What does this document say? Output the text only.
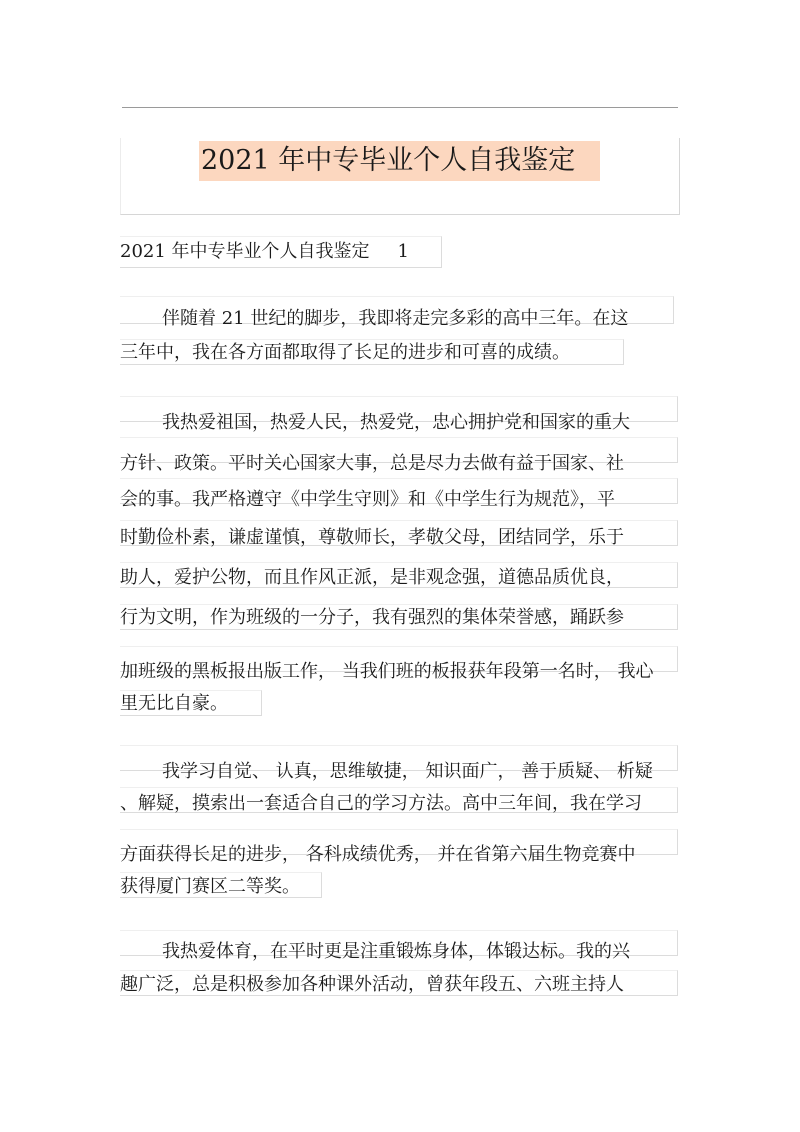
2021 年中专毕业个人自我鉴定
2021 年中专毕业个人自我鉴定 1
伴随着 21 世纪的脚步，我即将走完多彩的高中三年。在这
三年中，我在各方面都取得了长足的进步和可喜的成绩。
我热爱祖国，热爱人民，热爱党，忠心拥护党和国家的重大
方针、政策。平时关心国家大事，总是尽力去做有益于国家、社
会的事。我严格遵守《中学生守则》和《中学生行为规范》，平
时勤俭朴素，谦虚谨慎，尊敬师长，孝敬父母，团结同学，乐于
助人，爱护公物，而且作风正派，是非观念强，道德品质优良，
行为文明，作为班级的一分子，我有强烈的集体荣誉感，踊跃参
加班级的黑板报出版工作， 当我们班的板报获年段第一名时， 我心
里无比自豪。
我学习自觉、 认真，思维敏捷， 知识面广， 善于质疑、 析疑
、解疑，摸索出一套适合自己的学习方法。高中三年间，我在学习
方面获得长足的进步， 各科成绩优秀， 并在省第六届生物竞赛中
获得厦门赛区二等奖。
我热爱体育，在平时更是注重锻炼身体，体锻达标。我的兴
趣广泛，总是积极参加各种课外活动，曾获年段五、六班主持人
